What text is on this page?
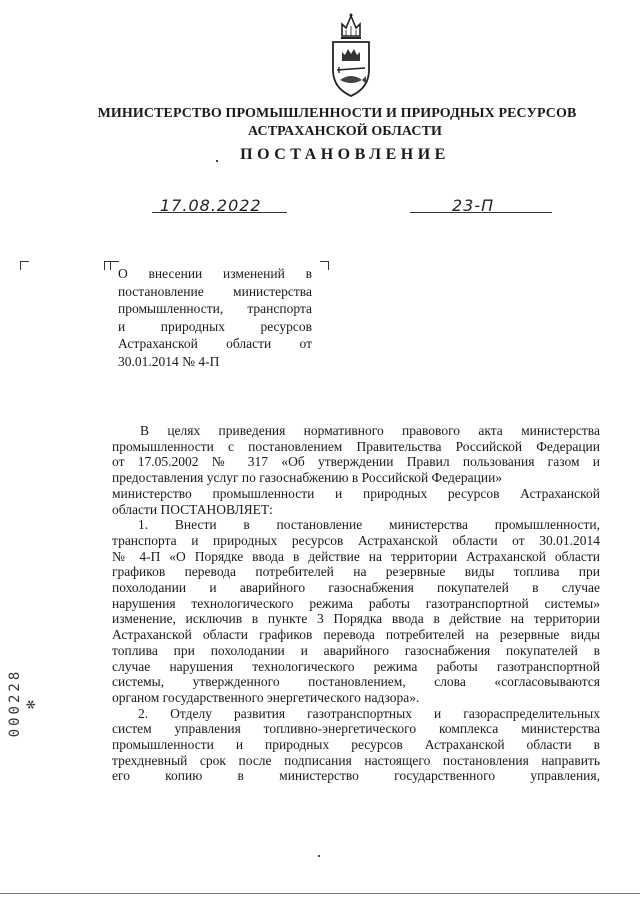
МИНИСТЕРСТВО ПРОМЫШЛЕННОСТИ И ПРИРОДНЫХ РЕСУРСОВ
АСТРАХАНСКОЙ ОБЛАСТИ
ПОСТАНОВЛЕНИЕ
17.08.2022	23-П
О внесении изменений в
постановление министерства
промышленности, транспорта
и природных ресурсов
Астраханской области от
30.01.2014 № 4-П
В целях приведения нормативного правового акта министерства
промышленности с постановлением Правительства Российской Федерации
от 17.05.2002 № 317 «Об утверждении Правил пользования газом и
предоставления услуг по газоснабжению в Российской Федерации»
министерство промышленности и природных ресурсов Астраханской
области ПОСТАНОВЛЯЕТ:
1. Внести в постановление министерства промышленности,
транспорта и природных ресурсов Астраханской области от 30.01.2014
№ 4-П «О Порядке ввода в действие на территории Астраханской области
графиков перевода потребителей на резервные виды топлива при
похолодании и аварийного газоснабжения покупателей в случае
нарушения технологического режима работы газотранспортной системы»
изменение, исключив в пункте 3 Порядка ввода в действие на территории
Астраханской области графиков перевода потребителей на резервные виды
топлива при похолодании и аварийного газоснабжения покупателей в
случае нарушения технологического режима работы газотранспортной
системы, утвержденного постановлением, слова «согласовываются
органом государственного энергетического надзора».
2. Отделу развития газотранспортных и газораспределительных
систем управления топливно-энергетического комплекса министерства
промышленности и природных ресурсов Астраханской области в
трехдневный срок после подписания настоящего постановления направить
его копию в министерство государственного управления,
000228 ✻
